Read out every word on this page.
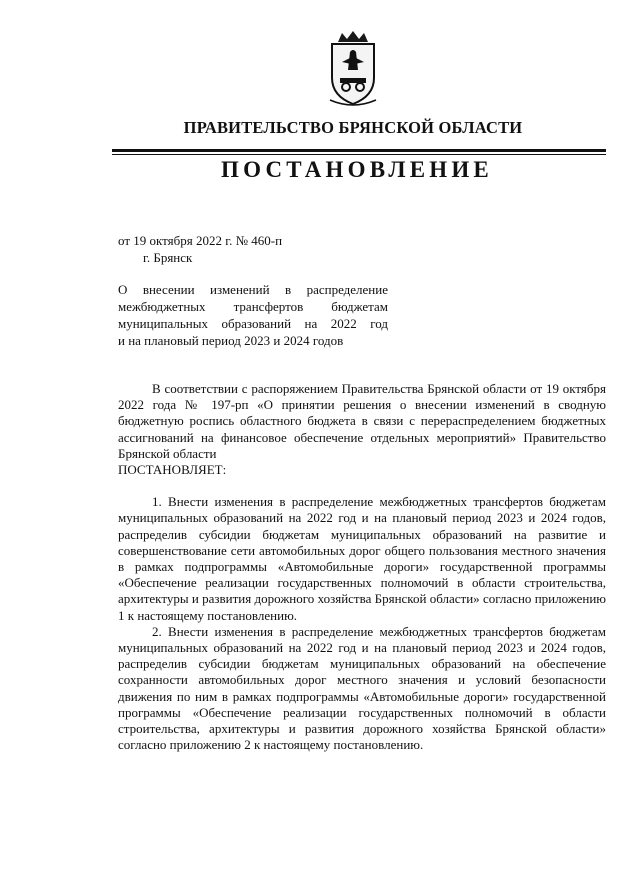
ПРАВИТЕЛЬСТВО БРЯНСКОЙ ОБЛАСТИ
ПОСТАНОВЛЕНИЕ
от 19 октября 2022 г. № 460-п
г. Брянск
О внесении изменений в распределение
межбюджетных трансфертов бюджетам
муниципальных образований на 2022 год
и на плановый период 2023 и 2024 годов

В соответствии с распоряжением Правительства Брянской области от 19 октября 2022 года № 197-рп «О принятии решения о внесении изменений в сводную бюджетную роспись областного бюджета в связи с перераспределением бюджетных ассигнований на финансовое обеспечение отдельных мероприятий» Правительство Брянской области

ПОСТАНОВЛЯЕТ:

1. Внести изменения в распределение межбюджетных трансфертов бюджетам муниципальных образований на 2022 год и на плановый период 2023 и 2024 годов, распределив субсидии бюджетам муниципальных образований на развитие и совершенствование сети автомобильных дорог общего пользования местного значения в рамках подпрограммы «Автомобильные дороги» государственной программы «Обеспечение реализации государственных полномочий в области строительства, архитектуры и развития дорожного хозяйства Брянской области» согласно приложению 1 к настоящему постановлению.

2. Внести изменения в распределение межбюджетных трансфертов бюджетам муниципальных образований на 2022 год и на плановый период 2023 и 2024 годов, распределив субсидии бюджетам муниципальных образований на обеспечение сохранности автомобильных дорог местного значения и условий безопасности движения по ним в рамках подпрограммы «Автомобильные дороги» государственной программы «Обеспечение реализации государственных полномочий в области строительства, архитектуры и развития дорожного хозяйства Брянской области» согласно приложению 2 к настоящему постановлению.
